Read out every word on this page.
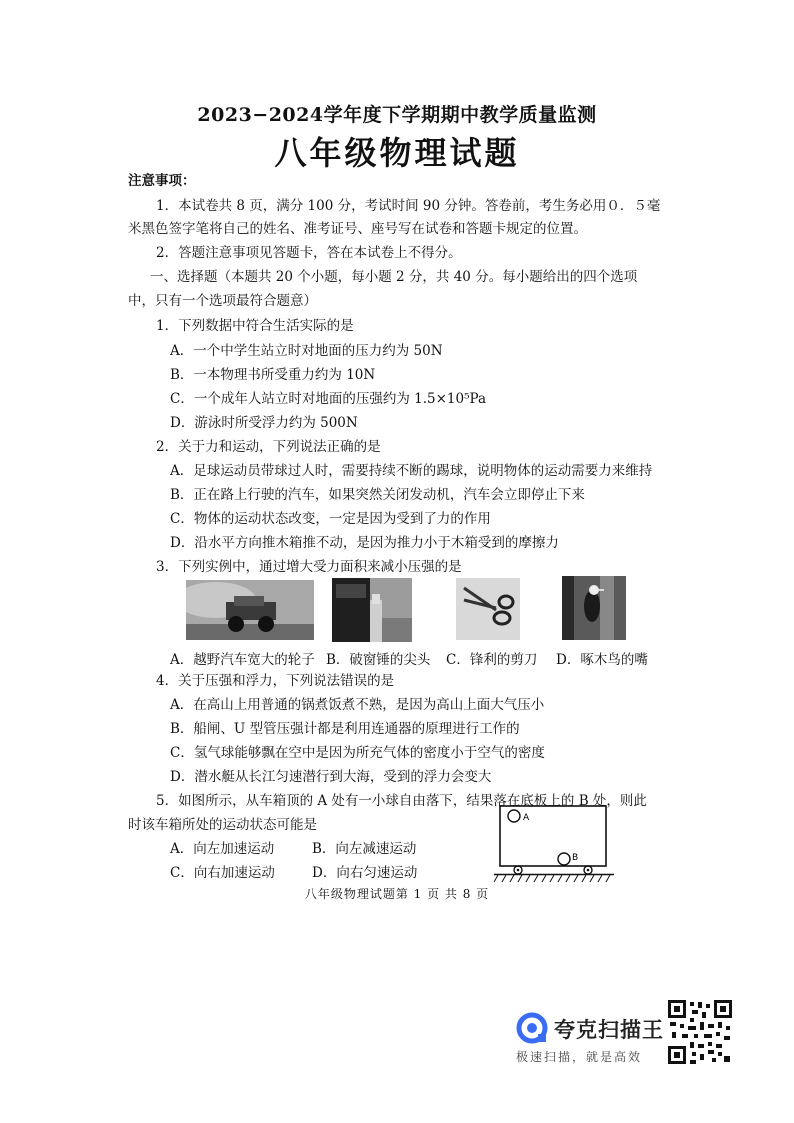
2023−2024学年度下学期期中教学质量监测
八年级物理试题
注意事项：
1．本试卷共 8 页，满分 100 分，考试时间 90 分钟。答卷前，考生务必用０．５毫
米黑色签字笔将自己的姓名、准考证号、座号写在试卷和答题卡规定的位置。
2．答题注意事项见答题卡，答在本试卷上不得分。
一、选择题（本题共 20 个小题，每小题 2 分，共 40 分。每小题给出的四个选项
中，只有一个选项最符合题意）
1．下列数据中符合生活实际的是
A．一个中学生站立时对地面的压力约为 50N
B．一本物理书所受重力约为 10N
C．一个成年人站立时对地面的压强约为 1.5×10⁵Pa
D．游泳时所受浮力约为 500N
2．关于力和运动，下列说法正确的是
A．足球运动员带球过人时，需要持续不断的踢球，说明物体的运动需要力来维持
B．正在路上行驶的汽车，如果突然关闭发动机，汽车会立即停止下来
C．物体的运动状态改变，一定是因为受到了力的作用
D．沿水平方向推木箱推不动，是因为推力小于木箱受到的摩擦力
3．下列实例中，通过增大受力面积来减小压强的是
A．越野汽车宽大的轮子 B．破窗锤的尖头 C．锋利的剪刀 D．啄木鸟的嘴
4．关于压强和浮力，下列说法错误的是
A．在高山上用普通的锅煮饭煮不熟，是因为高山上面大气压小
B．船闸、U 型管压强计都是利用连通器的原理进行工作的
C．氢气球能够飘在空中是因为所充气体的密度小于空气的密度
D．潜水艇从长江匀速潜行到大海，受到的浮力会变大
5．如图所示，从车箱顶的 A 处有一小球自由落下，结果落在底板上的 B 处，则此
时该车箱所处的运动状态可能是
A．向左加速运动	B．向左减速运动
C．向右加速运动	D．向右匀速运动
A
B
八年级物理试题第 1 页 共 8 页
夸克扫描王
极速扫描，就是高效
